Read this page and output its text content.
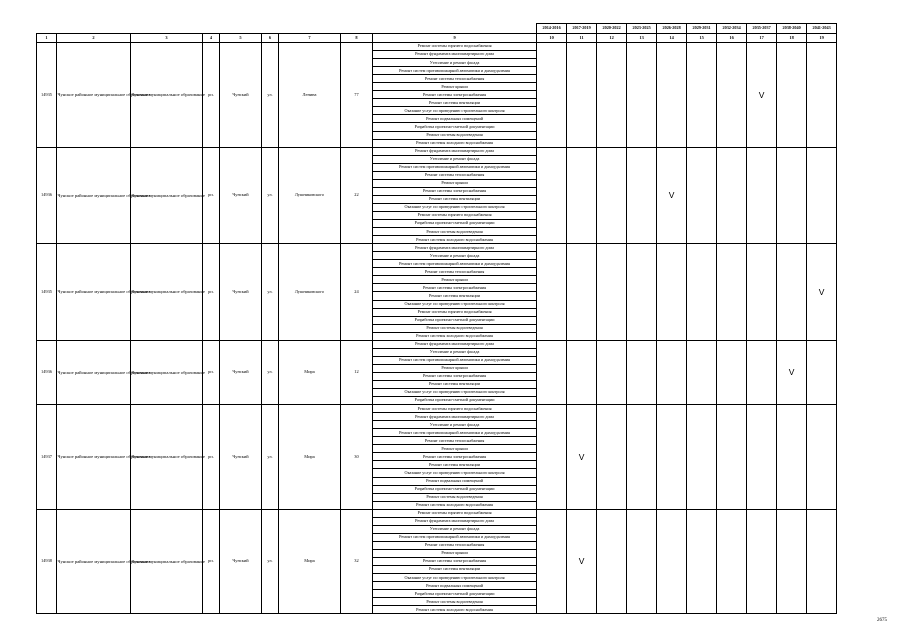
									2014-2016	2017-2019	2020-2022	2023-2025	2026-2028	2029-2031	2032-2034	2035-2037	2038-2040	2041-2043
1	2	3	4	5	6	7	8	9	10	11	12	13	14	15	16	17	18	19
14935	Чунское районное муниципальное образование	Чунское муниципальное образование	рп.	Чунский	ул.	Ленина	77	Ремонт системы горячего водоснабжения								V		
								Ремонт фундамента многоквартирного дома										
								Утепление и ремонт фасада										
								Ремонт систем противопожарной автоматики и дымоудаления										
								Ремонт системы теплоснабжения										
								Ремонт крыши										
								Ремонт системы электроснабжения										
								Ремонт системы вентиляции										
								Оказание услуг по проведению строительного контроля										
								Ремонт подвальных помещений										
								Разработка проектно-сметной документации										
								Ремонт системы водоотведения										
								Ремонт системы холодного водоснабжения										
14936	Чунское районное муниципальное образование	Чунское муниципальное образование	рп.	Чунский	ул.	Лушниковского	22	Ремонт фундамента многоквартирного дома					V					
								Утепление и ремонт фасада										
								Ремонт систем противопожарной автоматики и дымоудаления										
								Ремонт системы теплоснабжения										
								Ремонт крыши										
								Ремонт системы электроснабжения										
								Ремонт системы вентиляции										
								Оказание услуг по проведению строительного контроля										
								Ремонт системы горячего водоснабжения										
								Разработка проектно-сметной документации										
								Ремонт системы водоотведения										
								Ремонт системы холодного водоснабжения										
14935	Чунское районное муниципальное образование	Чунское муниципальное образование	рп.	Чунский	ул.	Лушниковского	24	Ремонт фундамента многоквартирного дома										V
								Утепление и ремонт фасада										
								Ремонт систем противопожарной автоматики и дымоудаления										
								Ремонт системы теплоснабжения										
								Ремонт крыши										
								Ремонт системы электроснабжения										
								Ремонт системы вентиляции										
								Оказание услуг по проведению строительного контроля										
								Ремонт системы горячего водоснабжения										
								Разработка проектно-сметной документации										
								Ремонт системы водоотведения										
								Ремонт системы холодного водоснабжения										
14936	Чунское районное муниципальное образование	Чунское муниципальное образование	рп.	Чунский	ул.	Мира	12	Ремонт фундамента многоквартирного дома									V	
								Утепление и ремонт фасада										
								Ремонт систем противопожарной автоматики и дымоудаления										
								Ремонт крыши										
								Ремонт системы электроснабжения										
								Ремонт системы вентиляции										
								Оказание услуг по проведению строительного контроля										
								Разработка проектно-сметной документации										
14937	Чунское районное муниципальное образование	Чунское муниципальное образование	рп.	Чунский	ул.	Мира	30	Ремонт системы горячего водоснабжения		V								
								Ремонт фундамента многоквартирного дома										
								Утепление и ремонт фасада										
								Ремонт систем противопожарной автоматики и дымоудаления										
								Ремонт системы теплоснабжения										
								Ремонт крыши										
								Ремонт системы электроснабжения										
								Ремонт системы вентиляции										
								Оказание услуг по проведению строительного контроля										
								Ремонт подвальных помещений										
								Разработка проектно-сметной документации										
								Ремонт системы водоотведения										
								Ремонт системы холодного водоснабжения										
14938	Чунское районное муниципальное образование	Чунское муниципальное образование	рп.	Чунский	ул.	Мира	32	Ремонт системы горячего водоснабжения		V								
								Ремонт фундамента многоквартирного дома										
								Утепление и ремонт фасада										
								Ремонт систем противопожарной автоматики и дымоудаления										
								Ремонт системы теплоснабжения										
								Ремонт крыши										
								Ремонт системы электроснабжения										
								Ремонт системы вентиляции										
								Оказание услуг по проведению строительного контроля										
								Ремонт подвальных помещений										
								Разработка проектно-сметной документации										
								Ремонт системы водоотведения										
								Ремонт системы холодного водоснабжения										
2675
